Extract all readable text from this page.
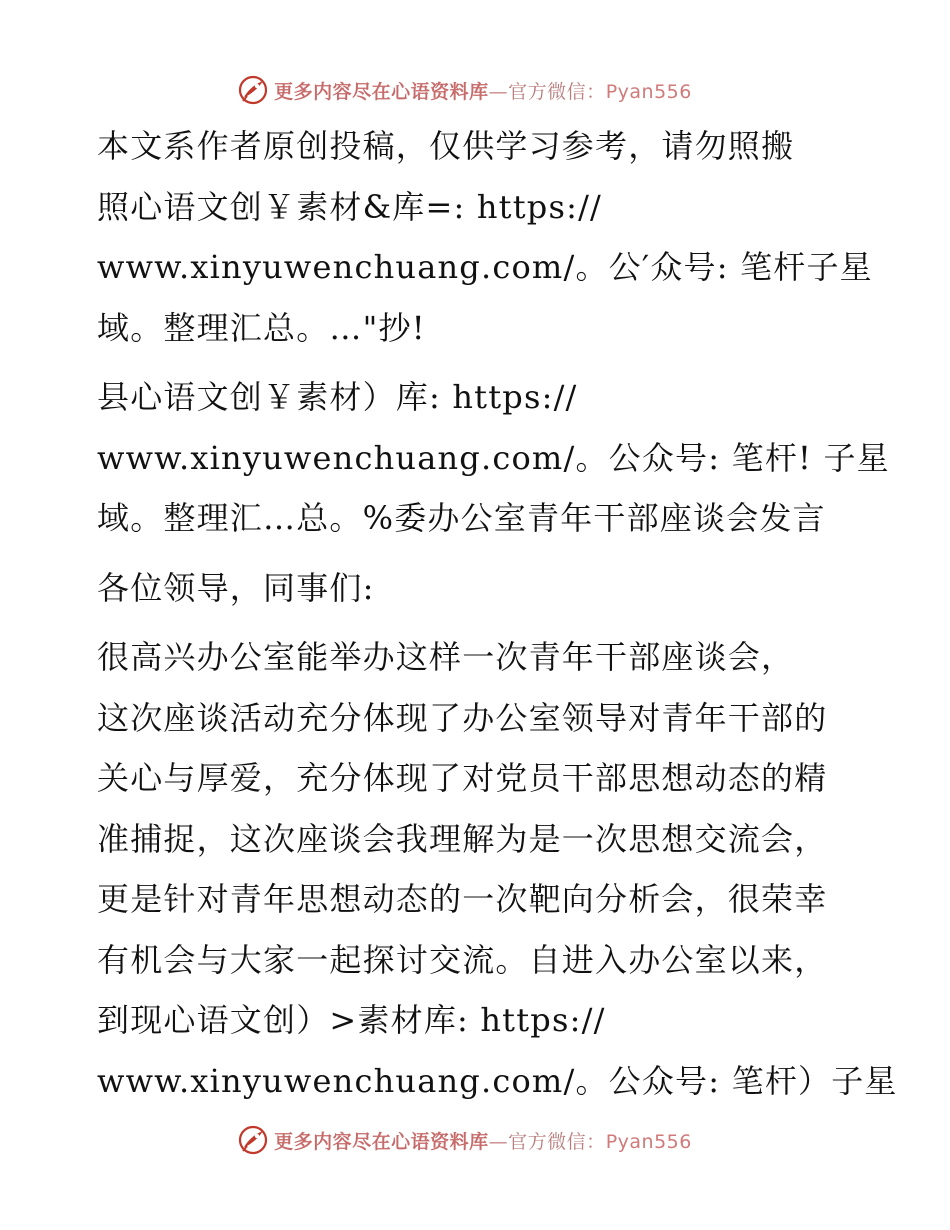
更多内容尽在心语资料库—官方微信：Pyan556
本文系作者原创投稿，仅供学习参考，请勿照搬
照心语文创￥素材&库=: https://
www.xinyuwenchuang.com/。公′众号: 笔杆子星
域。整理汇总。…"抄!
县心语文创￥素材）库: https://
www.xinyuwenchuang.com/。公众号: 笔杆! 子星
域。整理汇…总。%委办公室青年干部座谈会发言
各位领导，同事们:
很高兴办公室能举办这样一次青年干部座谈会，
这次座谈活动充分体现了办公室领导对青年干部的
关心与厚爱，充分体现了对党员干部思想动态的精
准捕捉，这次座谈会我理解为是一次思想交流会，
更是针对青年思想动态的一次靶向分析会，很荣幸
有机会与大家一起探讨交流。自进入办公室以来，
到现心语文创）>素材库: https://
www.xinyuwenchuang.com/。公众号: 笔杆）子星
更多内容尽在心语资料库—官方微信：Pyan556
